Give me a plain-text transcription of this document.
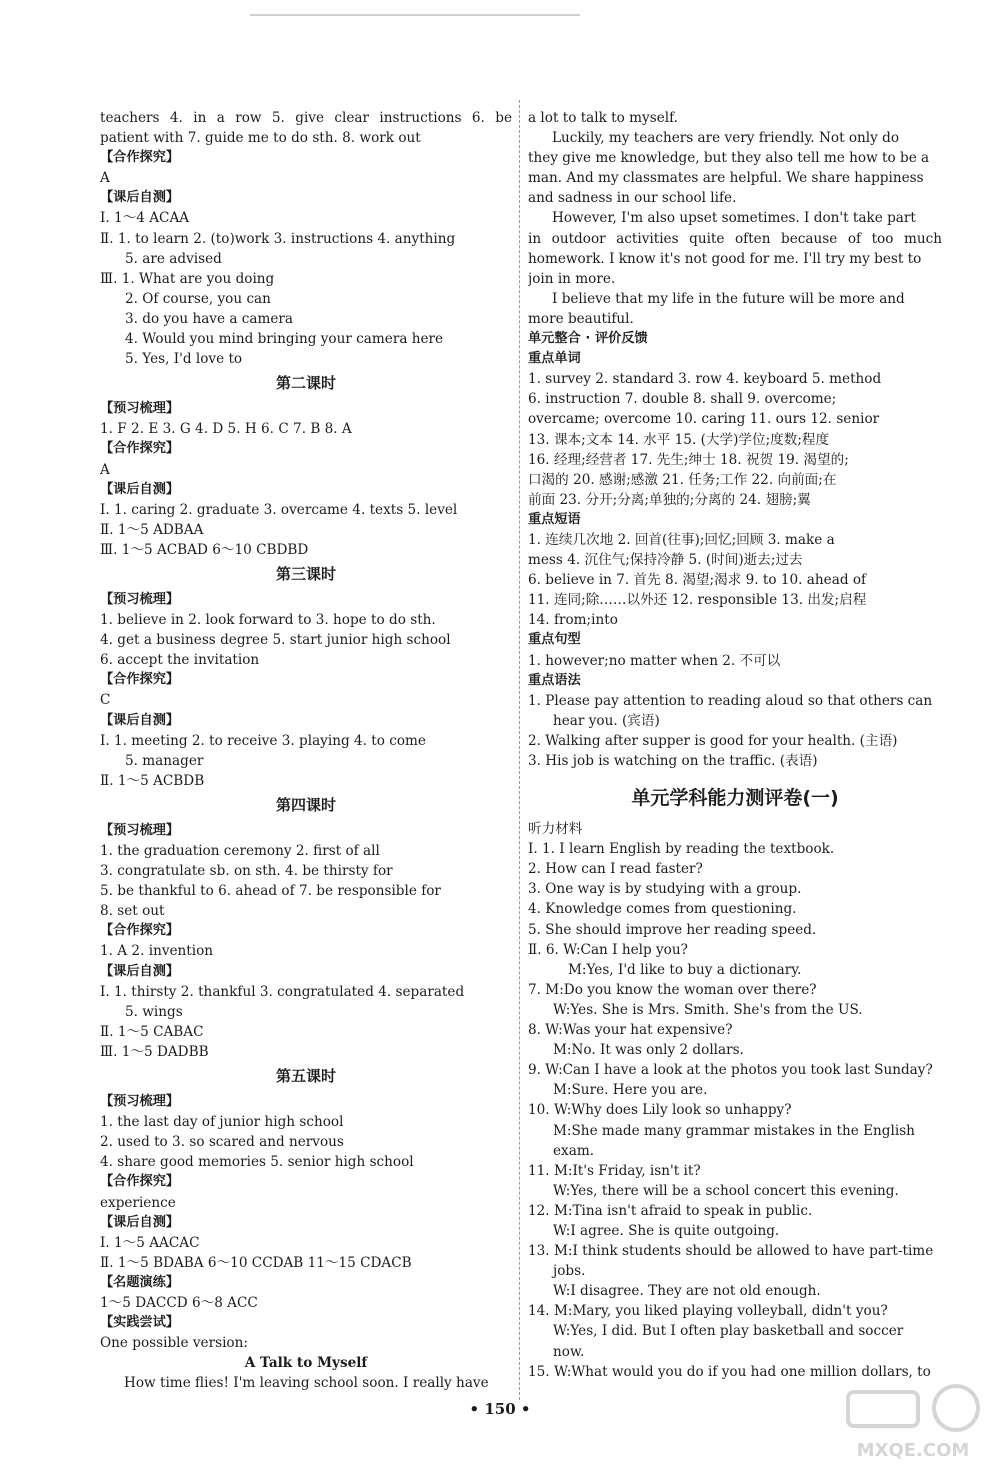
teachers 4. in a row 5. give clear instructions 6. be
patient with 7. guide me to do sth. 8. work out
【合作探究】
A
【课后自测】
Ⅰ. 1～4 ACAA
Ⅱ. 1. to learn 2. (to)work 3. instructions 4. anything
5. are advised
Ⅲ. 1. What are you doing
2. Of course, you can
3. do you have a camera
4. Would you mind bringing your camera here
5. Yes, I'd love to
第二课时
【预习梳理】
1. F 2. E 3. G 4. D 5. H 6. C 7. B 8. A
【合作探究】
A
【课后自测】
Ⅰ. 1. caring 2. graduate 3. overcame 4. texts 5. level
Ⅱ. 1～5 ADBAA
Ⅲ. 1～5 ACBAD 6～10 CBDBD
第三课时
【预习梳理】
1. believe in 2. look forward to 3. hope to do sth.
4. get a business degree 5. start junior high school
6. accept the invitation
【合作探究】
C
【课后自测】
Ⅰ. 1. meeting 2. to receive 3. playing 4. to come
5. manager
Ⅱ. 1～5 ACBDB
第四课时
【预习梳理】
1. the graduation ceremony 2. first of all
3. congratulate sb. on sth. 4. be thirsty for
5. be thankful to 6. ahead of 7. be responsible for
8. set out
【合作探究】
1. A 2. invention
【课后自测】
Ⅰ. 1. thirsty 2. thankful 3. congratulated 4. separated
5. wings
Ⅱ. 1～5 CABAC
Ⅲ. 1～5 DADBB
第五课时
【预习梳理】
1. the last day of junior high school
2. used to 3. so scared and nervous
4. share good memories 5. senior high school
【合作探究】
experience
【课后自测】
Ⅰ. 1～5 AACAC
Ⅱ. 1～5 BDABA 6～10 CCDAB 11～15 CDACB
【名题演练】
1～5 DACCD 6～8 ACC
【实践尝试】
One possible version:
A Talk to Myself
How time flies! I'm leaving school soon. I really have
a lot to talk to myself.
Luckily, my teachers are very friendly. Not only do
they give me knowledge, but they also tell me how to be a
man. And my classmates are helpful. We share happiness
and sadness in our school life.
However, I'm also upset sometimes. I don't take part
in outdoor activities quite often because of too much
homework. I know it's not good for me. I'll try my best to
join in more.
I believe that my life in the future will be more and
more beautiful.
单元整合 · 评价反馈
重点单词
1. survey 2. standard 3. row 4. keyboard 5. method
6. instruction 7. double 8. shall 9. overcome;
overcame; overcome 10. caring 11. ours 12. senior
13. 课本;文本 14. 水平 15. (大学)学位;度数;程度
16. 经理;经营者 17. 先生;绅士 18. 祝贺 19. 渴望的;
口渴的 20. 感谢;感激 21. 任务;工作 22. 向前面;在
前面 23. 分开;分离;单独的;分离的 24. 翅膀;翼
重点短语
1. 连续几次地 2. 回首(往事);回忆;回顾 3. make a
mess 4. 沉住气;保持冷静 5. (时间)逝去;过去
6. believe in 7. 首先 8. 渴望;渴求 9. to 10. ahead of
11. 连同;除……以外还 12. responsible 13. 出发;启程
14. from;into
重点句型
1. however;no matter when 2. 不可以
重点语法
1. Please pay attention to reading aloud so that others can
hear you. (宾语)
2. Walking after supper is good for your health. (主语)
3. His job is watching on the traffic. (表语)
单元学科能力测评卷(一)
听力材料
Ⅰ. 1. I learn English by reading the textbook.
2. How can I read faster?
3. One way is by studying with a group.
4. Knowledge comes from questioning.
5. She should improve her reading speed.
Ⅱ. 6. W:Can I help you?
M:Yes, I'd like to buy a dictionary.
7. M:Do you know the woman over there?
W:Yes. She is Mrs. Smith. She's from the US.
8. W:Was your hat expensive?
M:No. It was only 2 dollars.
9. W:Can I have a look at the photos you took last Sunday?
M:Sure. Here you are.
10. W:Why does Lily look so unhappy?
M:She made many grammar mistakes in the English
exam.
11. M:It's Friday, isn't it?
W:Yes, there will be a school concert this evening.
12. M:Tina isn't afraid to speak in public.
W:I agree. She is quite outgoing.
13. M:I think students should be allowed to have part-time
jobs.
W:I disagree. They are not old enough.
14. M:Mary, you liked playing volleyball, didn't you?
W:Yes, I did. But I often play basketball and soccer
now.
15. W:What would you do if you had one million dollars, to
• 150 •
MXQE.COM
